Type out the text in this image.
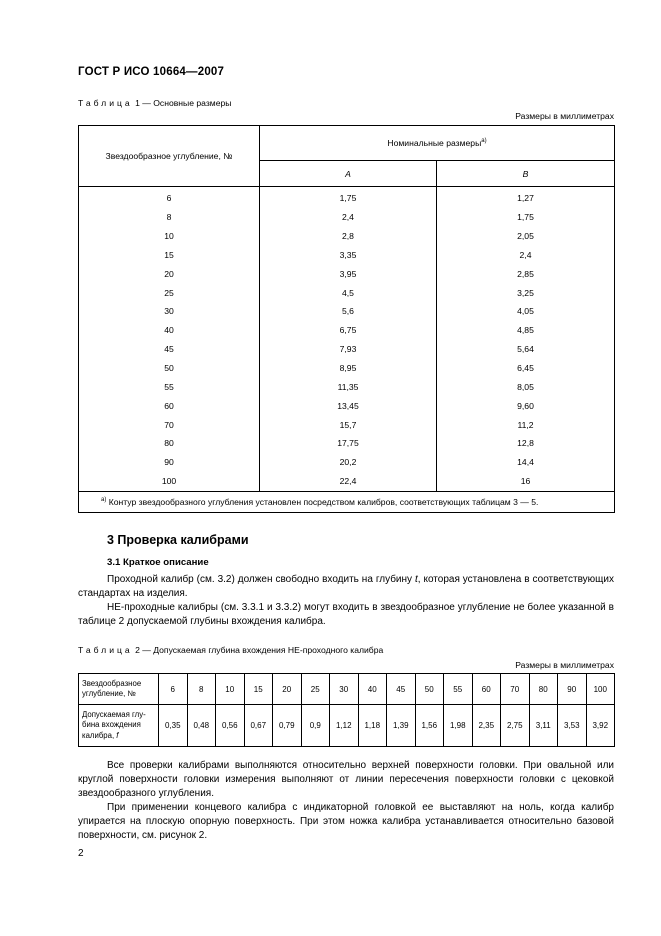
ГОСТ Р ИСО 10664—2007
Таблица 1 — Основные размеры
Размеры в миллиметрах
Звездообразное углубление, №	Номинальные размеры$^{a)}$
	A	B
6	1,75	1,27
8	2,4	1,75
10	2,8	2,05
15	3,35	2,4
20	3,95	2,85
25	4,5	3,25
30	5,6	4,05
40	6,75	4,85
45	7,93	5,64
50	8,95	6,45
55	11,35	8,05
60	13,45	9,60
70	15,7	11,2
80	17,75	12,8
90	20,2	14,4
100	22,4	16
$^{a)}$ Контур звездообразного углубления установлен посредством калибров, соответствующих таблицам 3 — 5.		
3 Проверка калибрами
3.1 Краткое описание

Проходной калибр (см. 3.2) должен свободно входить на глубину t, которая установлена в соответствующих стандартах на изделия.

НЕ-проходные калибры (см. 3.3.1 и 3.3.2) могут входить в звездообразное углубление не более указанной в таблице 2 допускаемой глубины вхождения калибра.

Таблица 2 — Допускаемая глубина вхождения НЕ-проходного калибра
Размеры в миллиметрах
Звездообразное
углубление, №	6	8	10	15	20	25	30	40	45	50	55	60	70	80	90	100
Допускаемая глу-
бина вхождения
калибра, f	0,35	0,48	0,56	0,67	0,79	0,9	1,12	1,18	1,39	1,56	1,98	2,35	2,75	3,11	3,53	3,92

Все проверки калибрами выполняются относительно верхней поверхности головки. При овальной или круглой поверхности головки измерения выполняют от линии пересечения поверхности головки с цековкой звездообразного углубления.

При применении концевого калибра с индикаторной головкой ее выставляют на ноль, когда калибр упирается на плоскую опорную поверхность. При этом ножка калибра устанавливается относительно базовой поверхности, см. рисунок 2.

2
